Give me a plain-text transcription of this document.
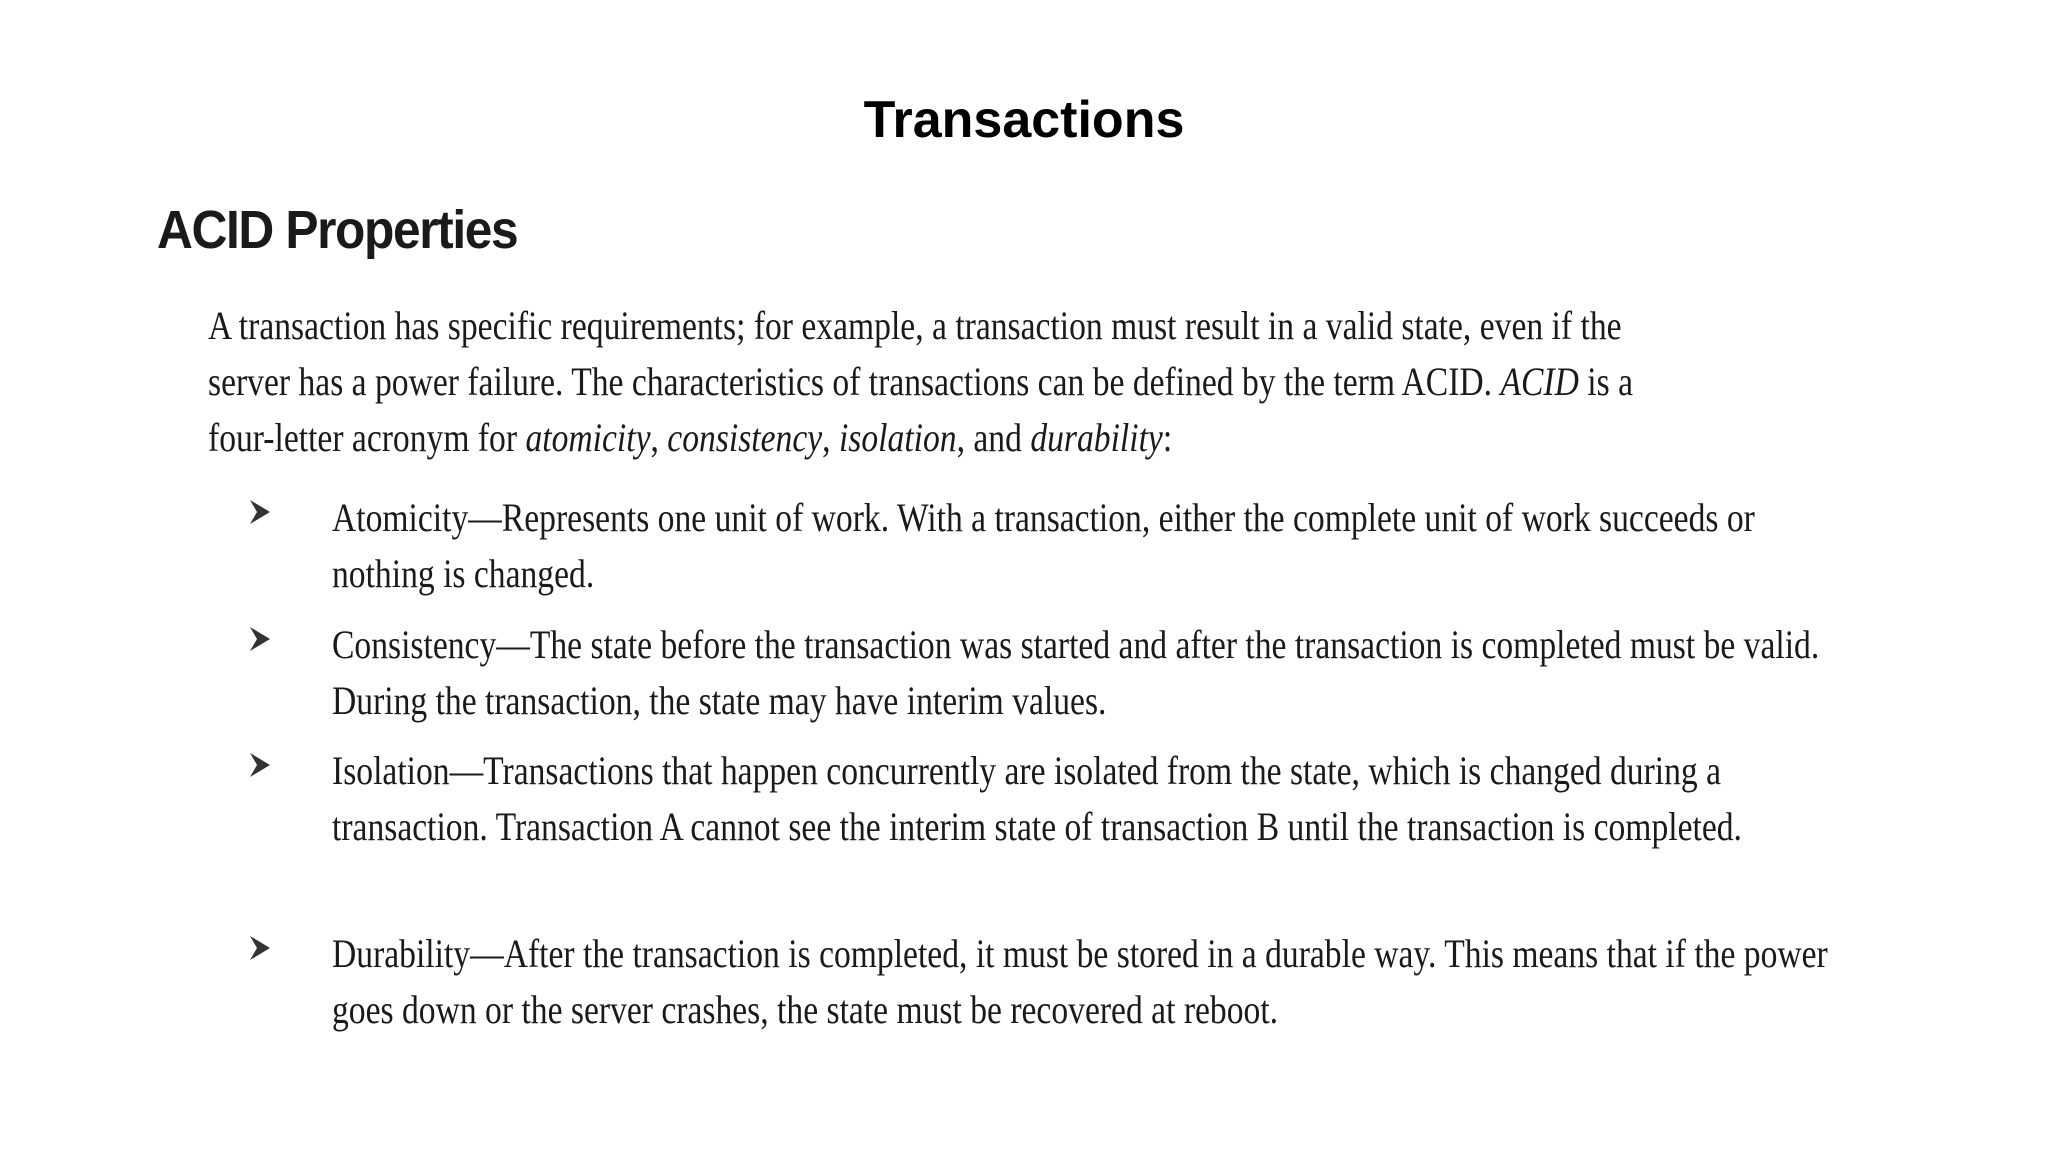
Transactions
ACID Properties
A transaction has specific requirements; for example, a transaction must result in a valid state, even if the server has a power failure. The characteristics of transactions can be defined by the term ACID. ACID is a four-letter acronym for atomicity, consistency, isolation, and durability:
Atomicity—Represents one unit of work. With a transaction, either the complete unit of work succeeds or nothing is changed.
Consistency—The state before the transaction was started and after the transaction is completed must be valid. During the transaction, the state may have interim values.
Isolation—Transactions that happen concurrently are isolated from the state, which is changed during a transaction. Transaction A cannot see the interim state of transaction B until the transaction is completed.
Durability—After the transaction is completed, it must be stored in a durable way. This means that if the power goes down or the server crashes, the state must be recovered at reboot.
